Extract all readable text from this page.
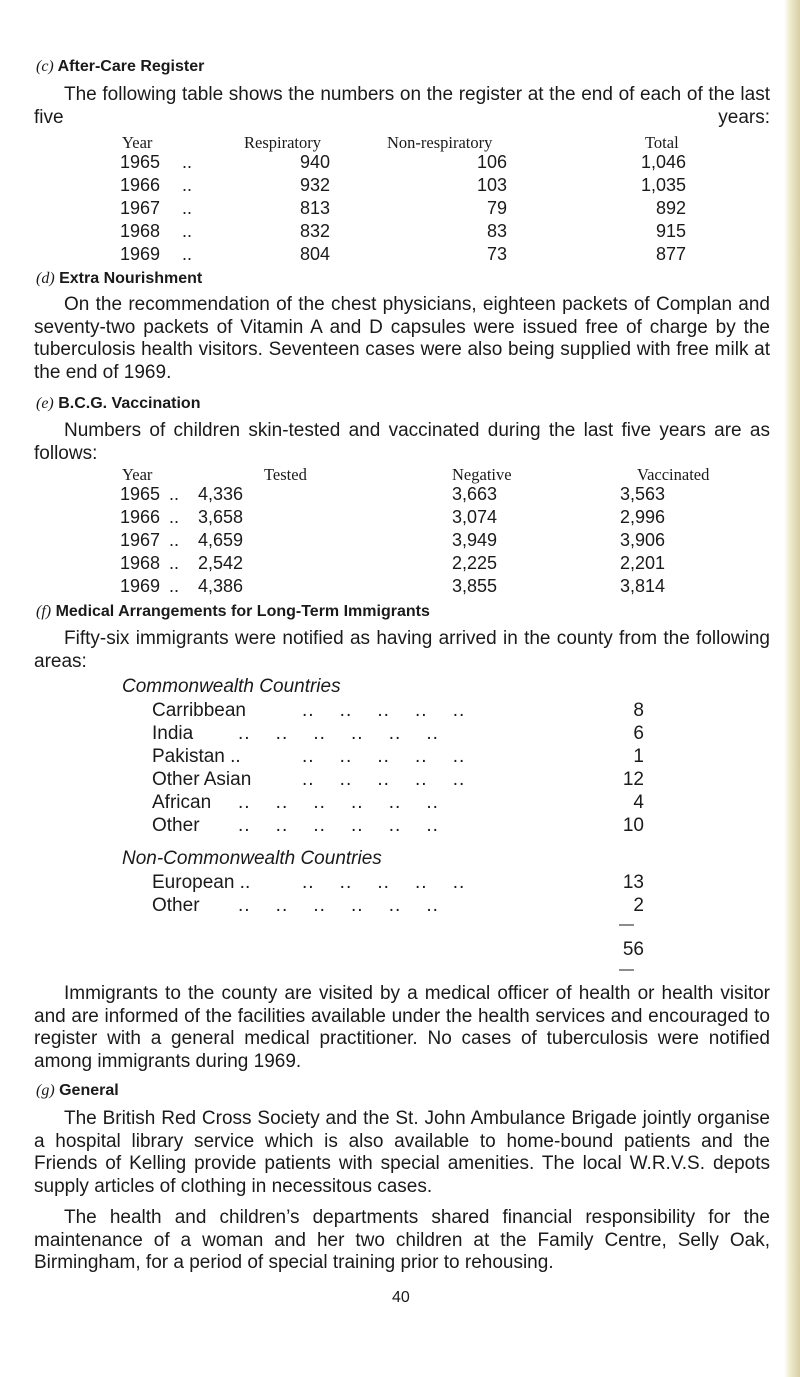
(c) After-Care Register
The following table shows the numbers on the register at the end of each of the last five years:
Year	Respiratory	Non-respiratory	Total
1965 ..	940	106	1,046
1966 ..	932	103	1,035
1967 ..	813	79	892
1968 ..	832	83	915
1969 ..	804	73	877
(d) Extra Nourishment
On the recommendation of the chest physicians, eighteen packets of Complan and seventy-two packets of Vitamin A and D capsules were issued free of charge by the tuberculosis health visitors. Seventeen cases were also being supplied with free milk at the end of 1969.
(e) B.C.G. Vaccination
Numbers of children skin-tested and vaccinated during the last five years are as follows:
Year	Tested	Negative	Vaccinated
1965 .. 4,336	3,663	3,563
1966 .. 3,658	3,074	2,996
1967 .. 4,659	3,949	3,906
1968 .. 2,542	2,225	2,201
1969 .. 4,386	3,855	3,814
(f) Medical Arrangements for Long-Term Immigrants
Fifty-six immigrants were notified as having arrived in the county from the following areas:
Commonwealth Countries
Carribbean	..    ..    ..    ..    ..	8
India ..    ..    ..    ..    ..    ..	6
Pakistan ..	..    ..    ..    ..    ..	1
Other Asian	..    ..    ..    ..    ..	12
African ..    ..    ..    ..    ..    ..	4
Other ..    ..    ..    ..    ..    ..	10
Non-Commonwealth Countries
European ..	..    ..    ..    ..    ..	13
Other ..    ..    ..    ..    ..    ..	2
—
56
—
Immigrants to the county are visited by a medical officer of health or health visitor and are informed of the facilities available under the health services and encouraged to register with a general medical practitioner. No cases of tuberculosis were notified among immigrants during 1969.
(g) General
The British Red Cross Society and the St. John Ambulance Brigade jointly organise a hospital library service which is also available to home-bound patients and the Friends of Kelling provide patients with special amenities. The local W.R.V.S. depots supply articles of clothing in necessitous cases.
The health and children’s departments shared financial responsibility for the maintenance of a woman and her two children at the Family Centre, Selly Oak, Birmingham, for a period of special training prior to rehousing.
40
